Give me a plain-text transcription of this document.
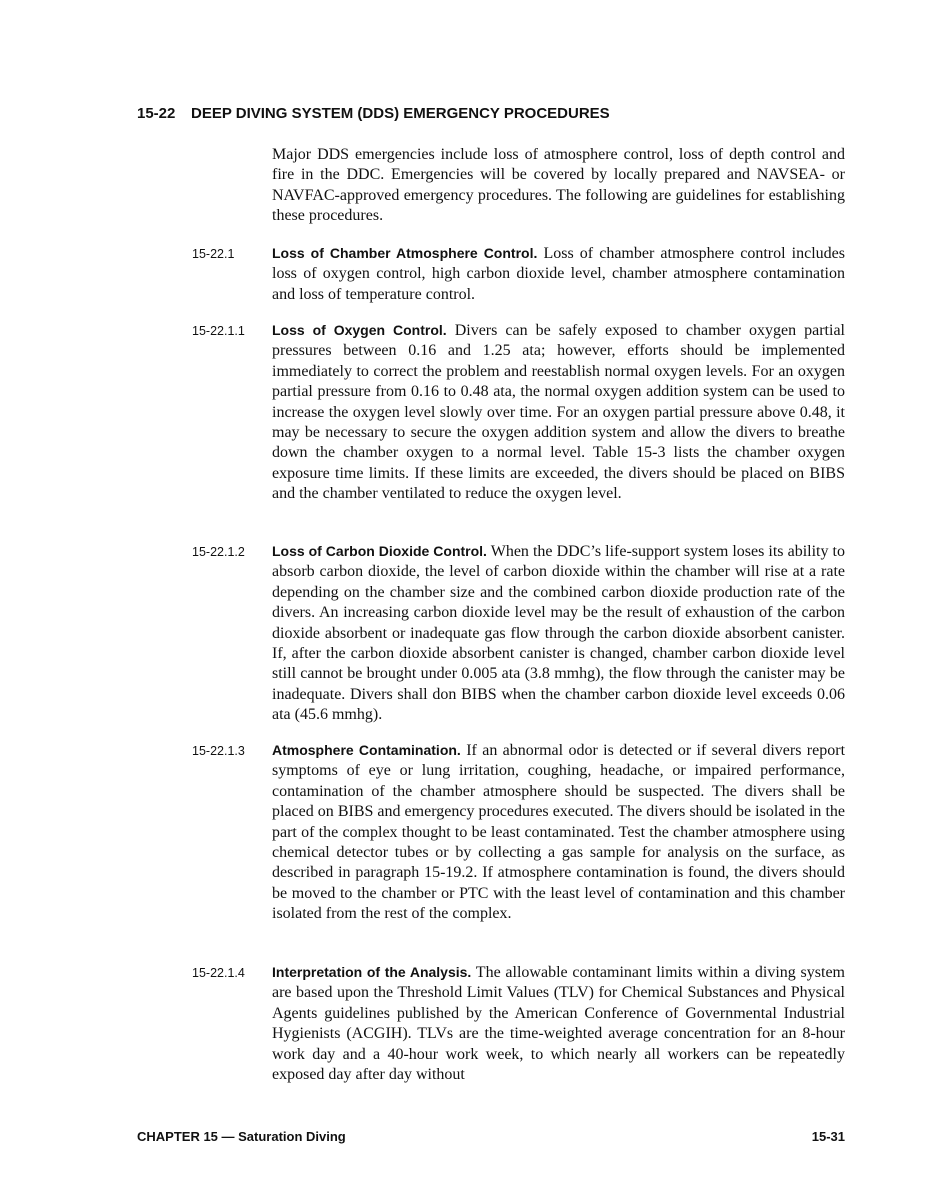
15-22 DEEP DIVING SYSTEM (DDS) EMERGENCY PROCEDURES
Major DDS emergencies include loss of atmosphere control, loss of depth control and fire in the DDC. Emergencies will be covered by locally prepared and NAVSEA- or NAVFAC-approved emergency procedures. The following are guidelines for establishing these procedures.
15-22.1	Loss of Chamber Atmosphere Control. Loss of chamber atmosphere control includes loss of oxygen control, high carbon dioxide level, chamber atmosphere contamination and loss of temperature control.
15-22.1.1 Loss of Oxygen Control. Divers can be safely exposed to chamber oxygen partial pressures between 0.16 and 1.25 ata; however, efforts should be implemented immediately to correct the problem and reestablish normal oxygen levels. For an oxygen partial pressure from 0.16 to 0.48 ata, the normal oxygen addition system can be used to increase the oxygen level slowly over time. For an oxygen partial pressure above 0.48, it may be necessary to secure the oxygen addition system and allow the divers to breathe down the chamber oxygen to a normal level. Table 15-3 lists the chamber oxygen exposure time limits. If these limits are exceeded, the divers should be placed on BIBS and the chamber ventilated to reduce the oxygen level.
15-22.1.2 Loss of Carbon Dioxide Control. When the DDC’s life-support system loses its ability to absorb carbon dioxide, the level of carbon dioxide within the chamber will rise at a rate depending on the chamber size and the combined carbon dioxide production rate of the divers. An increasing carbon dioxide level may be the result of exhaustion of the carbon dioxide absorbent or inadequate gas flow through the carbon dioxide absorbent canister. If, after the carbon dioxide absorbent canister is changed, chamber carbon dioxide level still cannot be brought under 0.005 ata (3.8 mmhg), the flow through the canister may be inadequate. Divers shall don BIBS when the chamber carbon dioxide level exceeds 0.06 ata (45.6 mmhg).
15-22.1.3 Atmosphere Contamination. If an abnormal odor is detected or if several divers report symptoms of eye or lung irritation, coughing, headache, or impaired performance, contamination of the chamber atmosphere should be suspected. The divers shall be placed on BIBS and emergency procedures executed. The divers should be isolated in the part of the complex thought to be least contaminated. Test the chamber atmosphere using chemical detector tubes or by collecting a gas sample for analysis on the surface, as described in paragraph 15-19.2. If atmosphere contamination is found, the divers should be moved to the chamber or PTC with the least level of contamination and this chamber isolated from the rest of the complex.
15-22.1.4 Interpretation of the Analysis. The allowable contaminant limits within a diving system are based upon the Threshold Limit Values (TLV) for Chemical Substances and Physical Agents guidelines published by the American Conference of Governmental Industrial Hygienists (ACGIH). TLVs are the time-weighted average concentration for an 8-hour work day and a 40-hour work week, to which nearly all workers can be repeatedly exposed day after day without
CHAPTER 15 — Saturation Diving	15-31
